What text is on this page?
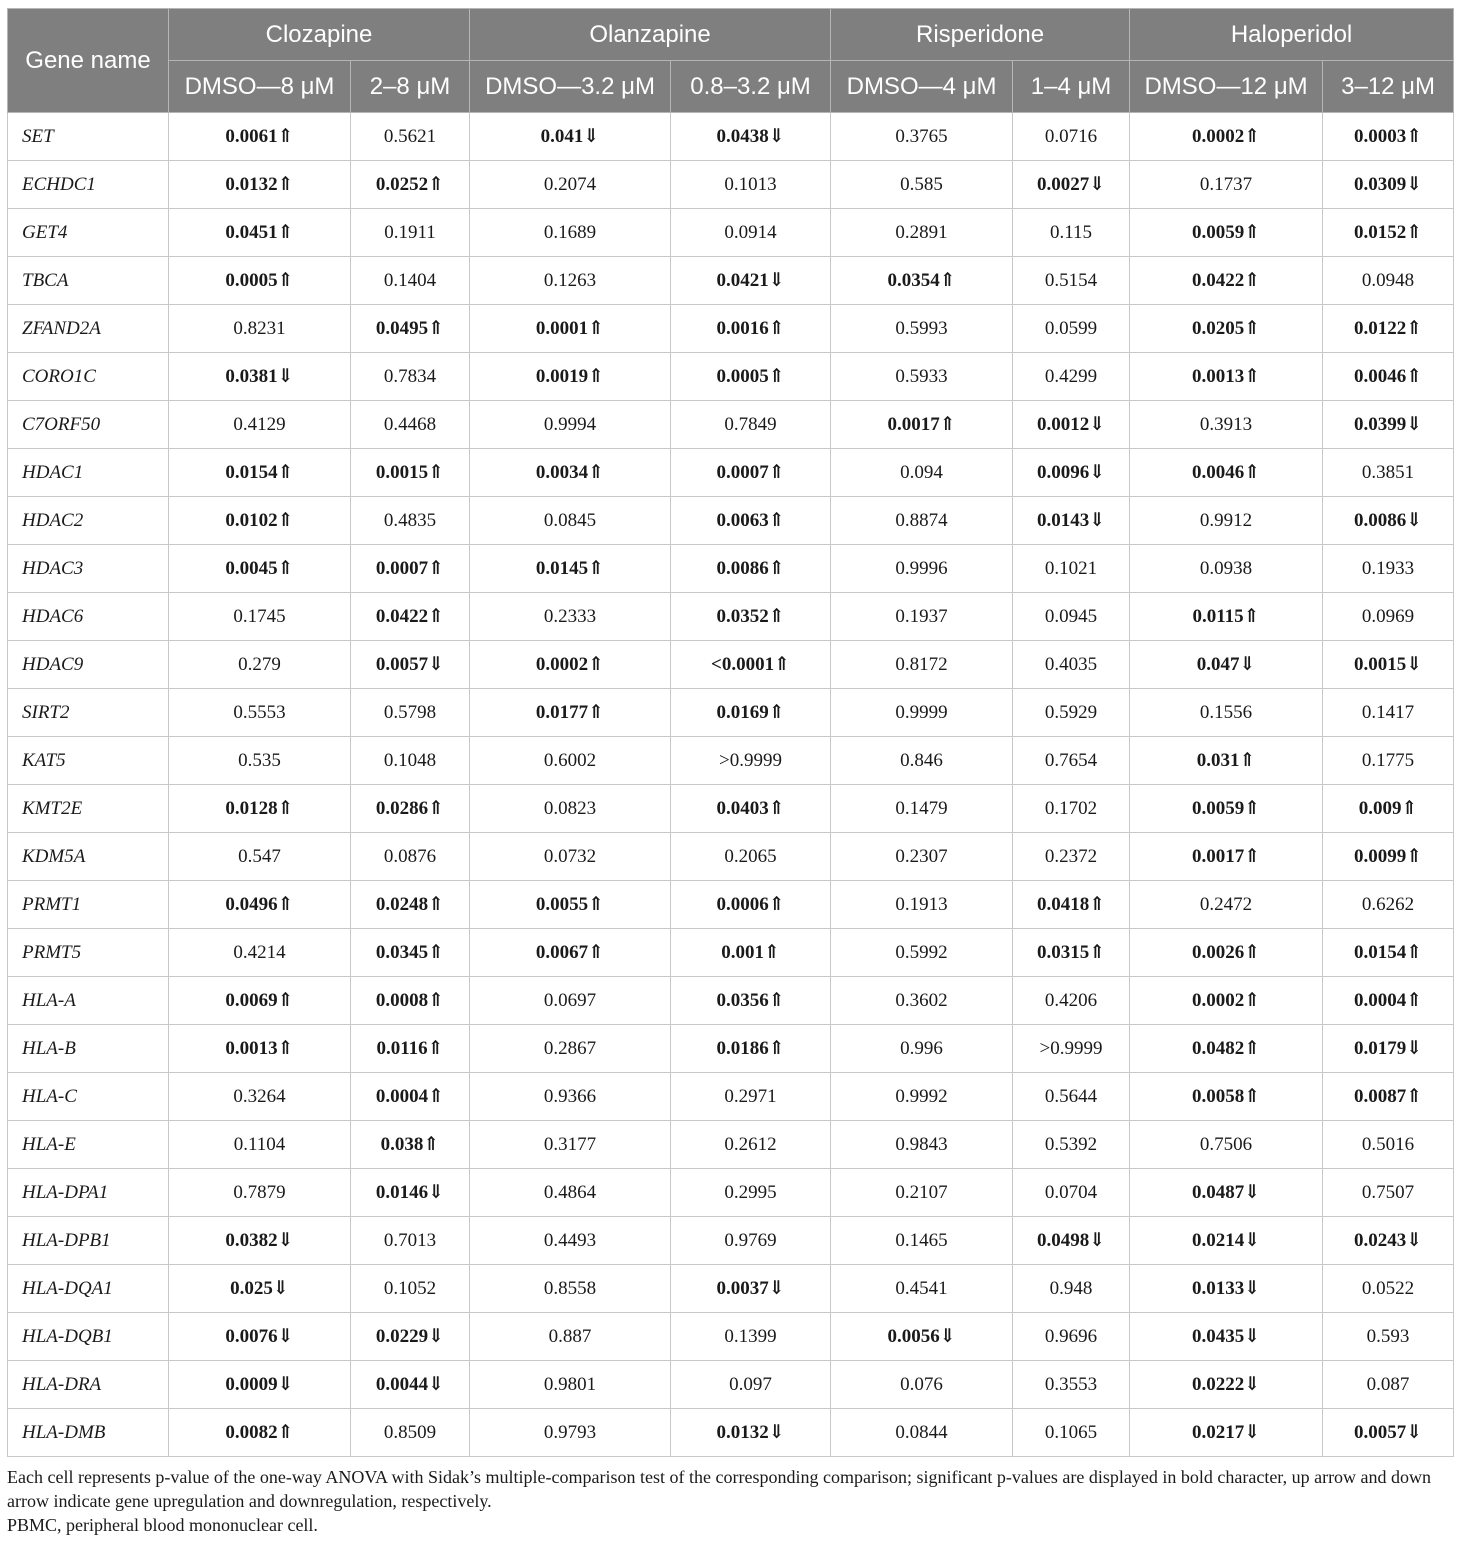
Gene name	Clozapine		Olanzapine		Risperidone		Haloperidol	
	DMSO—8 μM	2–8 μM	DMSO—3.2 μM	0.8–3.2 μM	DMSO—4 μM	1–4 μM	DMSO—12 μM	3–12 μM
SET	0.0061⇑	0.5621	0.041⇓	0.0438⇓	0.3765	0.0716	0.0002⇑	0.0003⇑
ECHDC1	0.0132⇑	0.0252⇑	0.2074	0.1013	0.585	0.0027⇓	0.1737	0.0309⇓
GET4	0.0451⇑	0.1911	0.1689	0.0914	0.2891	0.115	0.0059⇑	0.0152⇑
TBCA	0.0005⇑	0.1404	0.1263	0.0421⇓	0.0354⇑	0.5154	0.0422⇑	0.0948
ZFAND2A	0.8231	0.0495⇑	0.0001⇑	0.0016⇑	0.5993	0.0599	0.0205⇑	0.0122⇑
CORO1C	0.0381⇓	0.7834	0.0019⇑	0.0005⇑	0.5933	0.4299	0.0013⇑	0.0046⇑
C7ORF50	0.4129	0.4468	0.9994	0.7849	0.0017⇑	0.0012⇓	0.3913	0.0399⇓
HDAC1	0.0154⇑	0.0015⇑	0.0034⇑	0.0007⇑	0.094	0.0096⇓	0.0046⇑	0.3851
HDAC2	0.0102⇑	0.4835	0.0845	0.0063⇑	0.8874	0.0143⇓	0.9912	0.0086⇓
HDAC3	0.0045⇑	0.0007⇑	0.0145⇑	0.0086⇑	0.9996	0.1021	0.0938	0.1933
HDAC6	0.1745	0.0422⇑	0.2333	0.0352⇑	0.1937	0.0945	0.0115⇑	0.0969
HDAC9	0.279	0.0057⇓	0.0002⇑	<0.0001⇑	0.8172	0.4035	0.047⇓	0.0015⇓
SIRT2	0.5553	0.5798	0.0177⇑	0.0169⇑	0.9999	0.5929	0.1556	0.1417
KAT5	0.535	0.1048	0.6002	>0.9999	0.846	0.7654	0.031⇑	0.1775
KMT2E	0.0128⇑	0.0286⇑	0.0823	0.0403⇑	0.1479	0.1702	0.0059⇑	0.009⇑
KDM5A	0.547	0.0876	0.0732	0.2065	0.2307	0.2372	0.0017⇑	0.0099⇑
PRMT1	0.0496⇑	0.0248⇑	0.0055⇑	0.0006⇑	0.1913	0.0418⇑	0.2472	0.6262
PRMT5	0.4214	0.0345⇑	0.0067⇑	0.001⇑	0.5992	0.0315⇑	0.0026⇑	0.0154⇑
HLA-A	0.0069⇑	0.0008⇑	0.0697	0.0356⇑	0.3602	0.4206	0.0002⇑	0.0004⇑
HLA-B	0.0013⇑	0.0116⇑	0.2867	0.0186⇑	0.996	>0.9999	0.0482⇑	0.0179⇓
HLA-C	0.3264	0.0004⇑	0.9366	0.2971	0.9992	0.5644	0.0058⇑	0.0087⇑
HLA-E	0.1104	0.038⇑	0.3177	0.2612	0.9843	0.5392	0.7506	0.5016
HLA-DPA1	0.7879	0.0146⇓	0.4864	0.2995	0.2107	0.0704	0.0487⇓	0.7507
HLA-DPB1	0.0382⇓	0.7013	0.4493	0.9769	0.1465	0.0498⇓	0.0214⇓	0.0243⇓
HLA-DQA1	0.025⇓	0.1052	0.8558	0.0037⇓	0.4541	0.948	0.0133⇓	0.0522
HLA-DQB1	0.0076⇓	0.0229⇓	0.887	0.1399	0.0056⇓	0.9696	0.0435⇓	0.593
HLA-DRA	0.0009⇓	0.0044⇓	0.9801	0.097	0.076	0.3553	0.0222⇓	0.087
HLA-DMB	0.0082⇑	0.8509	0.9793	0.0132⇓	0.0844	0.1065	0.0217⇓	0.0057⇓
Each cell represents p-value of the one-way ANOVA with Sidak’s multiple-comparison test of the corresponding comparison; significant p-values are displayed in bold character, up arrow and down arrow indicate gene upregulation and downregulation, respectively.
PBMC, peripheral blood mononuclear cell.
